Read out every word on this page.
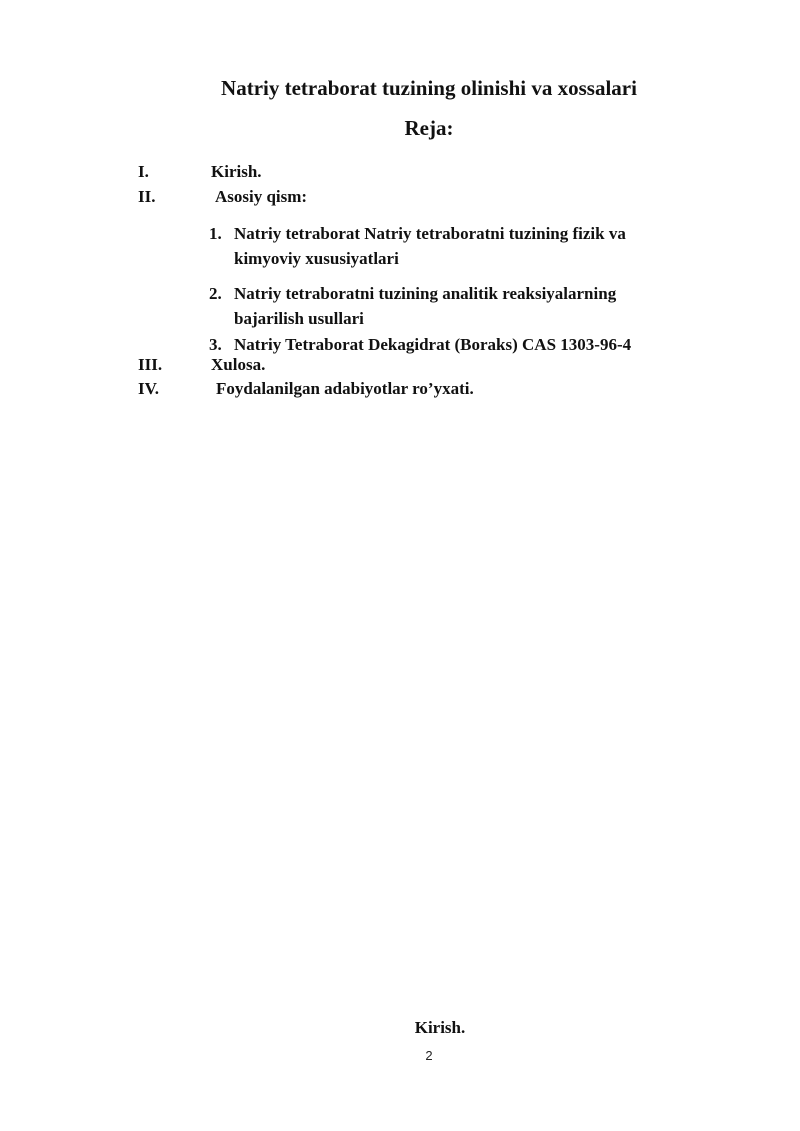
Natriy tetraborat tuzining olinishi va xossalari
Reja:
I.	Kirish.
II.	Asosiy qism:
1. Natriy tetraborat Natriy tetraboratni tuzining fizik va kimyoviy xususiyatlari
2. Natriy tetraboratni tuzining analitik reaksiyalarning bajarilish usullari
3. Natriy Tetraborat Dekagidrat (Boraks) CAS 1303-96-4
III.	Xulosa.
IV.	Foydalanilgan adabiyotlar ro’yxati.
Kirish.
2
